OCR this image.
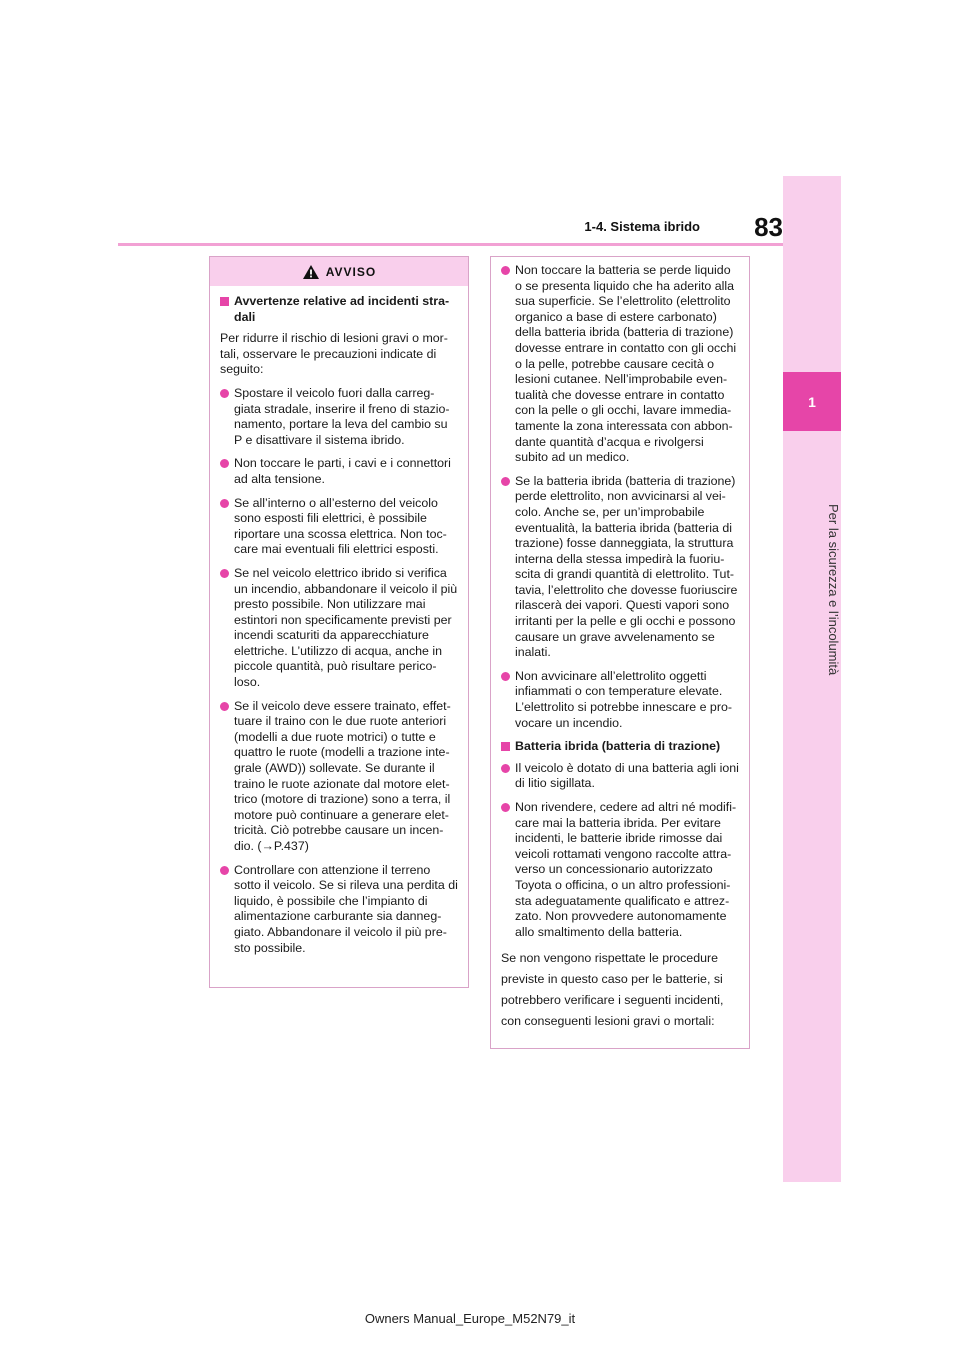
1
Per la sicurezza e l’incolumità
1-4. Sistema ibrido	83
AVVISO

Avvertenze relative ad incidenti stra-dali

Per ridurre il rischio di lesioni gravi o mor-tali, osservare le precauzioni indicate di seguito:

Spostare il veicolo fuori dalla carreg-giata stradale, inserire il freno di stazio-namento, portare la leva del cambio su P e disattivare il sistema ibrido.

Non toccare le parti, i cavi e i connettori ad alta tensione.

Se all’interno o all’esterno del veicolo sono esposti fili elettrici, è possibile riportare una scossa elettrica. Non toc-care mai eventuali fili elettrici esposti.

Se nel veicolo elettrico ibrido si verifica un incendio, abbandonare il veicolo il più presto possibile. Non utilizzare mai estintori non specificamente previsti per incendi scaturiti da apparecchiature elettriche. L’utilizzo di acqua, anche in piccole quantità, può risultare perico-loso.

Se il veicolo deve essere trainato, effet-tuare il traino con le due ruote anteriori (modelli a due ruote motrici) o tutte e quattro le ruote (modelli a trazione inte-grale (AWD)) sollevate. Se durante il traino le ruote azionate dal motore elet-trico (motore di trazione) sono a terra, il motore può continuare a generare elet-tricità. Ciò potrebbe causare un incen-dio. (→P.437)

Controllare con attenzione il terreno sotto il veicolo. Se si rileva una perdita di liquido, è possibile che l’impianto di alimentazione carburante sia danneg-giato. Abbandonare il veicolo il più pre-sto possibile.

Non toccare la batteria se perde liquido o se presenta liquido che ha aderito alla sua superficie. Se l’elettrolito (elettrolito organico a base di estere carbonato) della batteria ibrida (batteria di trazione) dovesse entrare in contatto con gli occhi o la pelle, potrebbe causare cecità o lesioni cutanee. Nell’improbabile even-tualità che dovesse entrare in contatto con la pelle o gli occhi, lavare immedia-tamente la zona interessata con abbon-dante quantità d’acqua e rivolgersi subito ad un medico.

Se la batteria ibrida (batteria di trazione) perde elettrolito, non avvicinarsi al vei-colo. Anche se, per un’improbabile eventualità, la batteria ibrida (batteria di trazione) fosse danneggiata, la struttura interna della stessa impedirà la fuoriu-scita di grandi quantità di elettrolito. Tut-tavia, l’elettrolito che dovesse fuoriuscire rilascerà dei vapori. Questi vapori sono irritanti per la pelle e gli occhi e possono causare un grave avvelenamento se inalati.

Non avvicinare all’elettrolito oggetti infiammati o con temperature elevate. L’elettrolito si potrebbe innescare e pro-vocare un incendio.

Batteria ibrida (batteria di trazione)

Il veicolo è dotato di una batteria agli ioni di litio sigillata.

Non rivendere, cedere ad altri né modifi-care mai la batteria ibrida. Per evitare incidenti, le batterie ibride rimosse dai veicoli rottamati vengono raccolte attra-verso un concessionario autorizzato Toyota o officina, o un altro professioni-sta adeguatamente qualificato e attrez-zato. Non provvedere autonomamente allo smaltimento della batteria.

Se non vengono rispettate le procedure previste in questo caso per le batterie, si potrebbero verificare i seguenti incidenti, con conseguenti lesioni gravi o mortali:

Owners Manual_Europe_M52N79_it
